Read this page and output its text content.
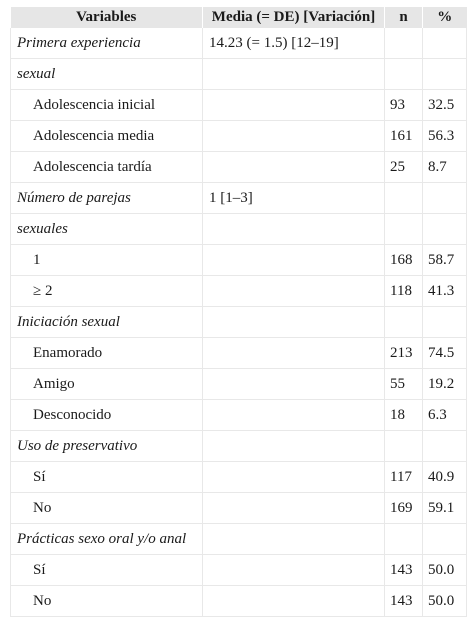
Variables	Media (= DE) [Variación]	n	%
Primera experiencia	14.23 (= 1.5) [12–19]		
sexual			
Adolescencia inicial		93	32.5
Adolescencia media		161	56.3
Adolescencia tardía		25	8.7
Número de parejas	1 [1–3]		
sexuales			
1		168	58.7
≥ 2		118	41.3
Iniciación sexual			
Enamorado		213	74.5
Amigo		55	19.2
Desconocido		18	6.3
Uso de preservativo			
Sí		117	40.9
No		169	59.1
Prácticas sexo oral y/o anal			
Sí		143	50.0
No		143	50.0
